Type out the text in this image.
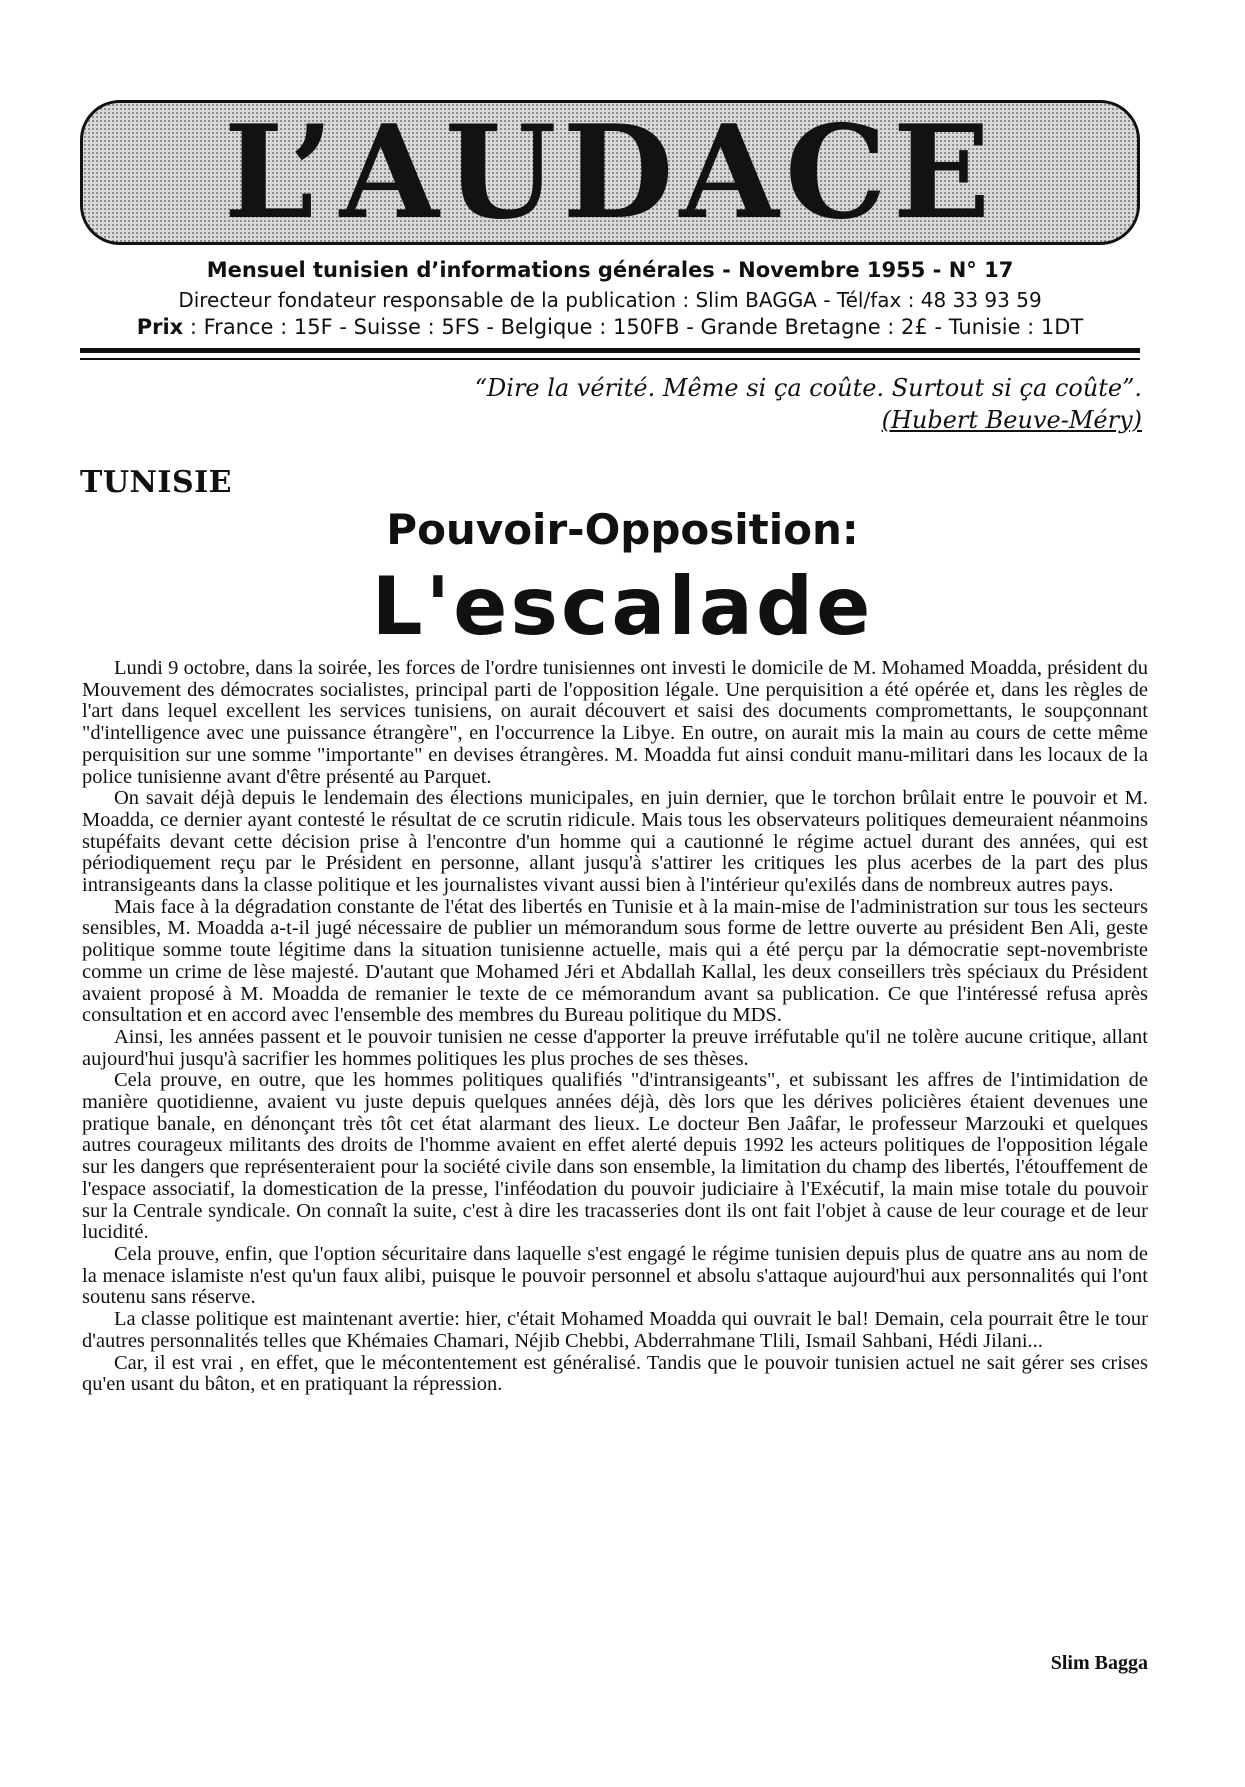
L’AUDACE
Mensuel tunisien d’informations générales - Novembre 1955 - N° 17
Directeur fondateur responsable de la publication : Slim BAGGA - Tél/fax : 48 33 93 59
Prix : France : 15F - Suisse : 5FS - Belgique : 150FB - Grande Bretagne : 2£ - Tunisie : 1DT
“Dire la vérité. Même si ça coûte. Surtout si ça coûte”.
(Hubert Beuve-Méry)
TUNISIE
Pouvoir-Opposition:
L'escalade

Lundi 9 octobre, dans la soirée, les forces de l'ordre tunisiennes ont investi le domicile de M. Mohamed Moadda, président du Mouvement des démocrates socialistes, principal parti de l'opposition légale. Une perquisition a été opérée et, dans les règles de l'art dans lequel excellent les services tunisiens, on aurait découvert et saisi des documents compromettants, le soupçonnant "d'intelligence avec une puissance étrangère", en l'occurrence la Libye. En outre, on aurait mis la main au cours de cette même perquisition sur une somme "importante" en devises étrangères. M. Moadda fut ainsi conduit manu-militari dans les locaux de la police tunisienne avant d'être présenté au Parquet.

On savait déjà depuis le lendemain des élections municipales, en juin dernier, que le torchon brûlait entre le pouvoir et M. Moadda, ce dernier ayant contesté le résultat de ce scrutin ridicule. Mais tous les observateurs politiques demeuraient néanmoins stupéfaits devant cette décision prise à l'encontre d'un homme qui a cautionné le régime actuel durant des années, qui est périodiquement reçu par le Président en personne, allant jusqu'à s'attirer les critiques les plus acerbes de la part des plus intransigeants dans la classe politique et les journalistes vivant aussi bien à l'intérieur qu'exilés dans de nombreux autres pays.

Mais face à la dégradation constante de l'état des libertés en Tunisie et à la main-mise de l'administration sur tous les secteurs sensibles, M. Moadda a-t-il jugé nécessaire de publier un mémorandum sous forme de lettre ouverte au président Ben Ali, geste politique somme toute légitime dans la situation tunisienne actuelle, mais qui a été perçu par la démocratie sept-novembriste comme un crime de lèse majesté. D'autant que Mohamed Jéri et Abdallah Kallal, les deux conseillers très spéciaux du Président avaient proposé à M. Moadda de remanier le texte de ce mémorandum avant sa publication. Ce que l'intéressé refusa après consultation et en accord avec l'ensemble des membres du Bureau politique du MDS.

Ainsi, les années passent et le pouvoir tunisien ne cesse d'apporter la preuve irréfutable qu'il ne tolère aucune critique, allant aujourd'hui jusqu'à sacrifier les hommes politiques les plus proches de ses thèses.

Cela prouve, en outre, que les hommes politiques qualifiés "d'intransigeants", et subissant les affres de l'intimidation de manière quotidienne, avaient vu juste depuis quelques années déjà, dès lors que les dérives policières étaient devenues une pratique banale, en dénonçant très tôt cet état alarmant des lieux. Le docteur Ben Jaâfar, le professeur Marzouki et quelques autres courageux militants des droits de l'homme avaient en effet alerté depuis 1992 les acteurs politiques de l'opposition légale sur les dangers que représenteraient pour la société civile dans son ensemble, la limitation du champ des libertés, l'étouffement de l'espace associatif, la domestication de la presse, l'inféodation du pouvoir judiciaire à l'Exécutif, la main mise totale du pouvoir sur la Centrale syndicale. On connaît la suite, c'est à dire les tracasseries dont ils ont fait l'objet à cause de leur courage et de leur lucidité.

Cela prouve, enfin, que l'option sécuritaire dans laquelle s'est engagé le régime tunisien depuis plus de quatre ans au nom de la menace islamiste n'est qu'un faux alibi, puisque le pouvoir personnel et absolu s'attaque aujourd'hui aux personnalités qui l'ont soutenu sans réserve.

La classe politique est maintenant avertie: hier, c'était Mohamed Moadda qui ouvrait le bal! Demain, cela pourrait être le tour d'autres personnalités telles que Khémaies Chamari, Néjib Chebbi, Abderrahmane Tlili, Ismail Sahbani, Hédi Jilani...

Car, il est vrai , en effet, que le mécontentement est généralisé. Tandis que le pouvoir tunisien actuel ne sait gérer ses crises qu'en usant du bâton, et en pratiquant la répression.

Slim Bagga
